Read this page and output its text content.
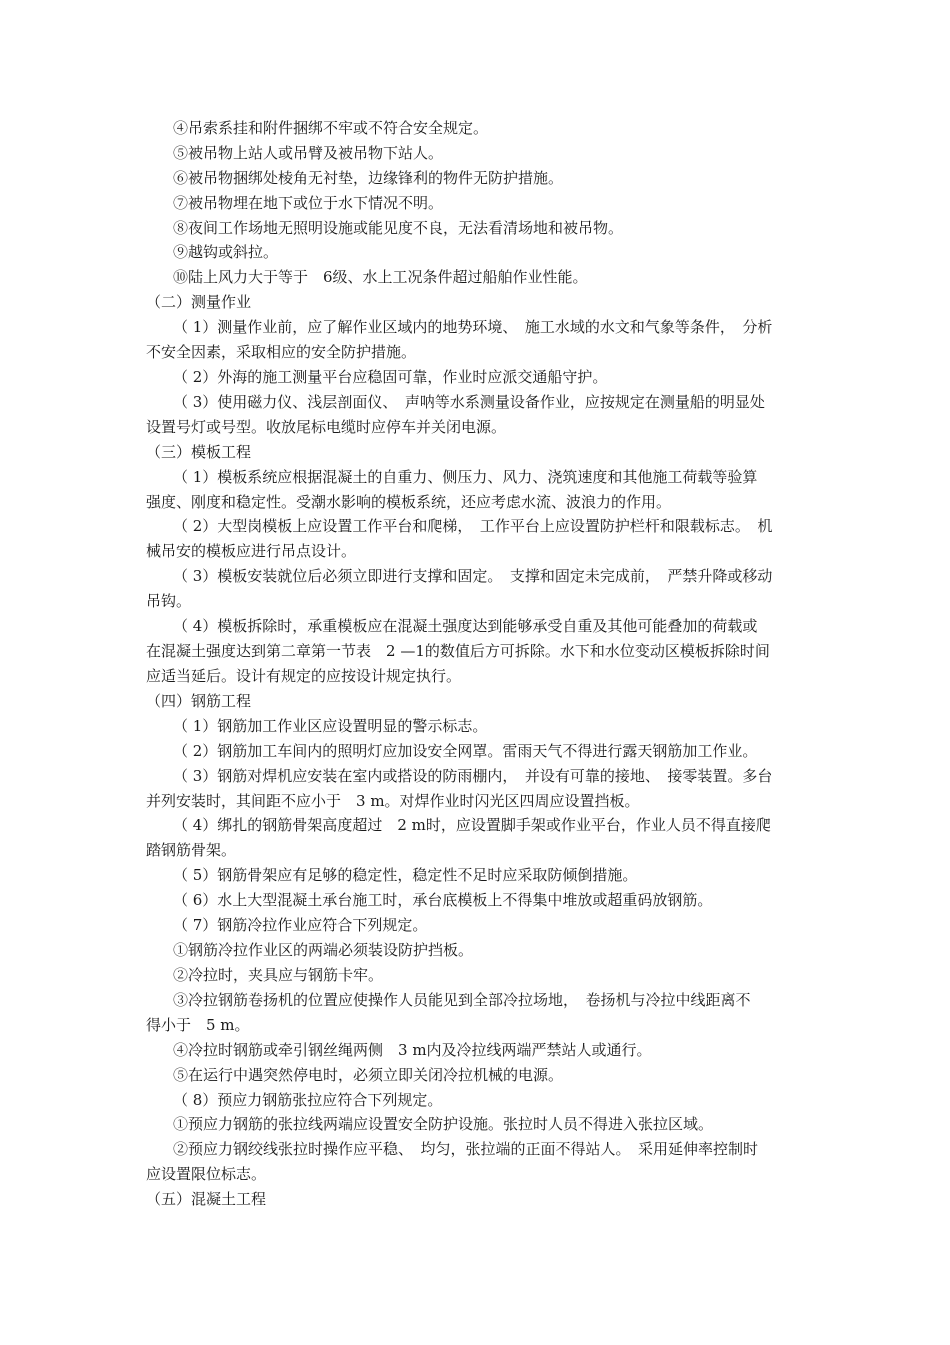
④吊索系挂和附件捆绑不牢或不符合安全规定。
⑤被吊物上站人或吊臂及被吊物下站人。
⑥被吊物捆绑处棱角无衬垫，边缘锋利的物件无防护措施。
⑦被吊物埋在地下或位于水下情况不明。
⑧夜间工作场地无照明设施或能见度不良，无法看清场地和被吊物。
⑨越钩或斜拉。
⑩陆上风力大于等于　6级、水上工况条件超过船舶作业性能。
（二）测量作业
（ 1）测量作业前，应了解作业区域内的地势环境、　施工水域的水文和气象等条件，　分析
不安全因素，采取相应的安全防护措施。
（ 2）外海的施工测量平台应稳固可靠，作业时应派交通船守护。
（ 3）使用磁力仪、浅层剖面仪、　声呐等水系测量设备作业，应按规定在测量船的明显处
设置号灯或号型。收放尾标电缆时应停车并关闭电源。
（三）模板工程
（ 1）模板系统应根据混凝土的自重力、侧压力、风力、浇筑速度和其他施工荷载等验算
强度、刚度和稳定性。受潮水影响的模板系统，还应考虑水流、波浪力的作用。
（ 2）大型岗模板上应设置工作平台和爬梯，　工作平台上应设置防护栏杆和限载标志。　机
械吊安的模板应进行吊点设计。
（ 3）模板安装就位后必须立即进行支撑和固定。　支撑和固定未完成前，　严禁升降或移动
吊钩。
（ 4）模板拆除时，承重模板应在混凝土强度达到能够承受自重及其他可能叠加的荷载或
在混凝土强度达到第二章第一节表　2 —1的数值后方可拆除。水下和水位变动区模板拆除时间
应适当延后。设计有规定的应按设计规定执行。
（四）钢筋工程
（ 1）钢筋加工作业区应设置明显的警示标志。
（ 2）钢筋加工车间内的照明灯应加设安全网罩。雷雨天气不得进行露天钢筋加工作业。
（ 3）钢筋对焊机应安装在室内或搭设的防雨棚内，　并设有可靠的接地、　接零装置。多台
并列安装时，其间距不应小于　3 m。对焊作业时闪光区四周应设置挡板。
（ 4）绑扎的钢筋骨架高度超过　2 m时，应设置脚手架或作业平台，作业人员不得直接爬
踏钢筋骨架。
（ 5）钢筋骨架应有足够的稳定性，稳定性不足时应采取防倾倒措施。
（ 6）水上大型混凝土承台施工时，承台底模板上不得集中堆放或超重码放钢筋。
（ 7）钢筋冷拉作业应符合下列规定。
①钢筋冷拉作业区的两端必须装设防护挡板。
②冷拉时，夹具应与钢筋卡牢。
③冷拉钢筋卷扬机的位置应使操作人员能见到全部冷拉场地，　卷扬机与冷拉中线距离不
得小于　5 m。
④冷拉时钢筋或牵引钢丝绳两侧　3 m内及冷拉线两端严禁站人或通行。
⑤在运行中遇突然停电时，必须立即关闭冷拉机械的电源。
（ 8）预应力钢筋张拉应符合下列规定。
①预应力钢筋的张拉线两端应设置安全防护设施。张拉时人员不得进入张拉区域。
②预应力钢绞线张拉时操作应平稳、　均匀，张拉端的正面不得站人。　采用延伸率控制时
应设置限位标志。
（五）混凝土工程
